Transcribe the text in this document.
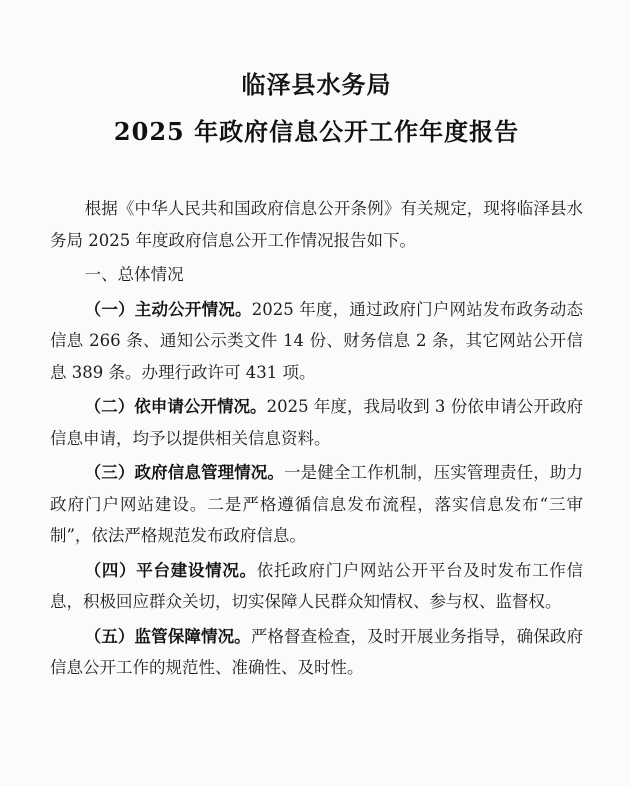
临泽县水务局
2025 年政府信息公开工作年度报告

根据《中华人民共和国政府信息公开条例》有关规定，现将临泽县水务局 2025 年度政府信息公开工作情况报告如下。

一、总体情况

（一）主动公开情况。2025 年度，通过政府门户网站发布政务动态信息 266 条、通知公示类文件 14 份、财务信息 2 条，其它网站公开信息 389 条。办理行政许可 431 项。

（二）依申请公开情况。2025 年度，我局收到 3 份依申请公开政府信息申请，均予以提供相关信息资料。

（三）政府信息管理情况。一是健全工作机制，压实管理责任，助力政府门户网站建设。二是严格遵循信息发布流程，落实信息发布“三审制”，依法严格规范发布政府信息。

（四）平台建设情况。依托政府门户网站公开平台及时发布工作信息，积极回应群众关切，切实保障人民群众知情权、参与权、监督权。

（五）监管保障情况。严格督查检查，及时开展业务指导，确保政府信息公开工作的规范性、准确性、及时性。
